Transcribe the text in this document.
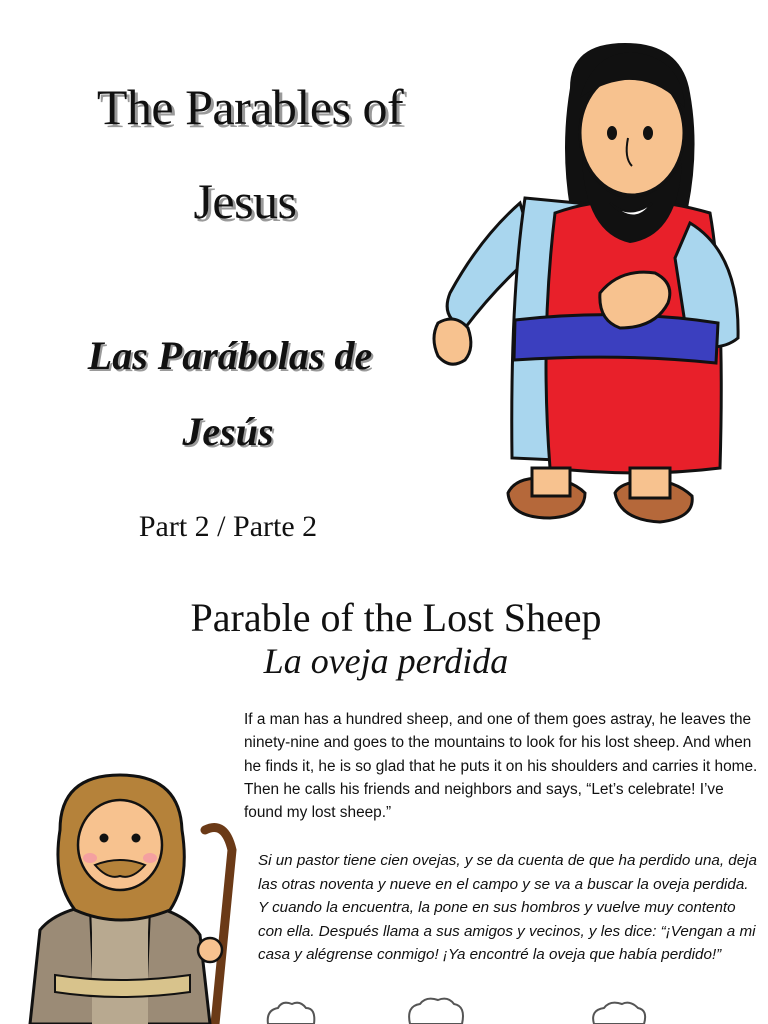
The Parables of
Jesus
Las Parábolas de
Jesús
Part 2 / Parte 2
Parable of the Lost Sheep
La oveja perdida

If a man has a hundred sheep, and one of them goes astray, he leaves the ninety-nine and goes to the mountains to look for his lost sheep. And when he finds it, he is so glad that he puts it on his shoulders and carries it home. Then he calls his friends and neighbors and says, “Let’s celebrate! I’ve found my lost sheep.”

Si un pastor tiene cien ovejas, y se da cuenta de que ha perdido una, deja las otras noventa y nueve en el campo y se va a buscar la oveja perdida. Y cuando la encuentra, la pone en sus hombros y vuelve muy contento con ella. Después llama a sus amigos y vecinos, y les dice: “¡Vengan a mi casa y alégrense conmigo! ¡Ya encontré la oveja que había perdido!”
